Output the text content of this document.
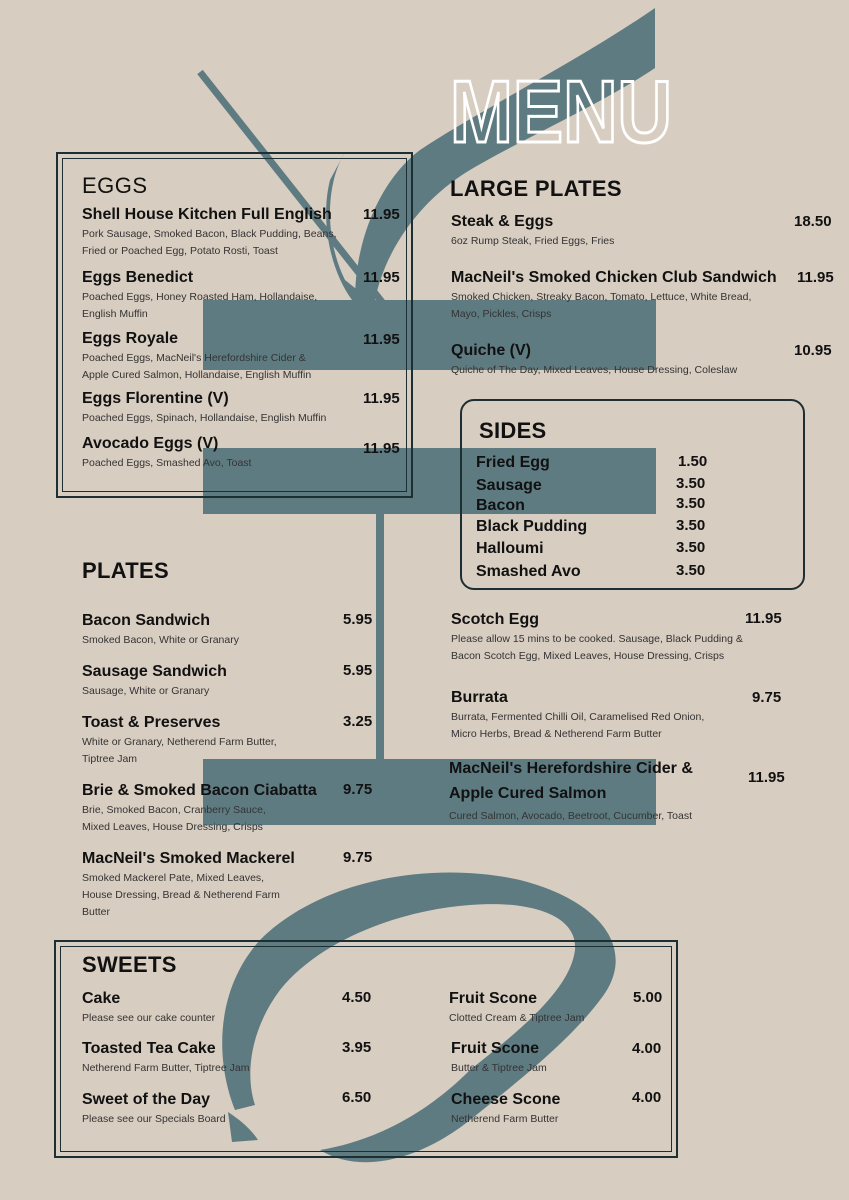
MENU
EGGS
Shell House Kitchen Full English
Pork Sausage, Smoked Bacon, Black Pudding, Beans, Fried or Poached Egg, Potato Rosti, Toast
11.95
Eggs Benedict
Poached Eggs, Honey Roasted Ham, Hollandaise, English Muffin
11.95
Eggs Royale
Poached Eggs, MacNeil's Herefordshire Cider & Apple Cured Salmon, Hollandaise, English Muffin
11.95
Eggs Florentine (V)
Poached Eggs, Spinach, Hollandaise, English Muffin
11.95
Avocado Eggs (V)
Poached Eggs, Smashed Avo, Toast
11.95
LARGE PLATES
Steak & Eggs
6oz Rump Steak, Fried Eggs, Fries
18.50
MacNeil's Smoked Chicken Club Sandwich
Smoked Chicken, Streaky Bacon, Tomato, Lettuce, White Bread, Mayo, Pickles, Crisps
11.95
Quiche (V)
Quiche of The Day, Mixed Leaves, House Dressing, Coleslaw
10.95
SIDES
Fried Egg	1.50
Sausage	3.50
Bacon	3.50
Black Pudding	3.50
Halloumi	3.50
Smashed Avo	3.50
PLATES
Bacon Sandwich
Smoked Bacon, White or Granary
5.95
Sausage Sandwich
Sausage, White or Granary
5.95
Toast & Preserves
White or Granary, Netherend Farm Butter, Tiptree Jam
3.25
Brie & Smoked Bacon Ciabatta
Brie, Smoked Bacon, Cranberry Sauce, Mixed Leaves, House Dressing, Crisps
9.75
MacNeil's Smoked Mackerel
Smoked Mackerel Pate, Mixed Leaves, House Dressing, Bread & Netherend Farm Butter
9.75
Scotch Egg
Please allow 15 mins to be cooked. Sausage, Black Pudding & Bacon Scotch Egg, Mixed Leaves, House Dressing, Crisps
11.95
Burrata
Burrata, Fermented Chilli Oil, Caramelised Red Onion, Micro Herbs, Bread & Netherend Farm Butter
9.75
MacNeil's Herefordshire Cider & Apple Cured Salmon
Cured Salmon, Avocado, Beetroot, Cucumber, Toast
11.95
SWEETS
Cake
Please see our cake counter
4.50
Toasted Tea Cake
Netherend Farm Butter, Tiptree Jam
3.95
Sweet of the Day
Please see our Specials Board
6.50
Fruit Scone
Clotted Cream & Tiptree Jam
5.00
Fruit Scone
Butter & Tiptree Jam
4.00
Cheese Scone
Netherend Farm Butter
4.00
